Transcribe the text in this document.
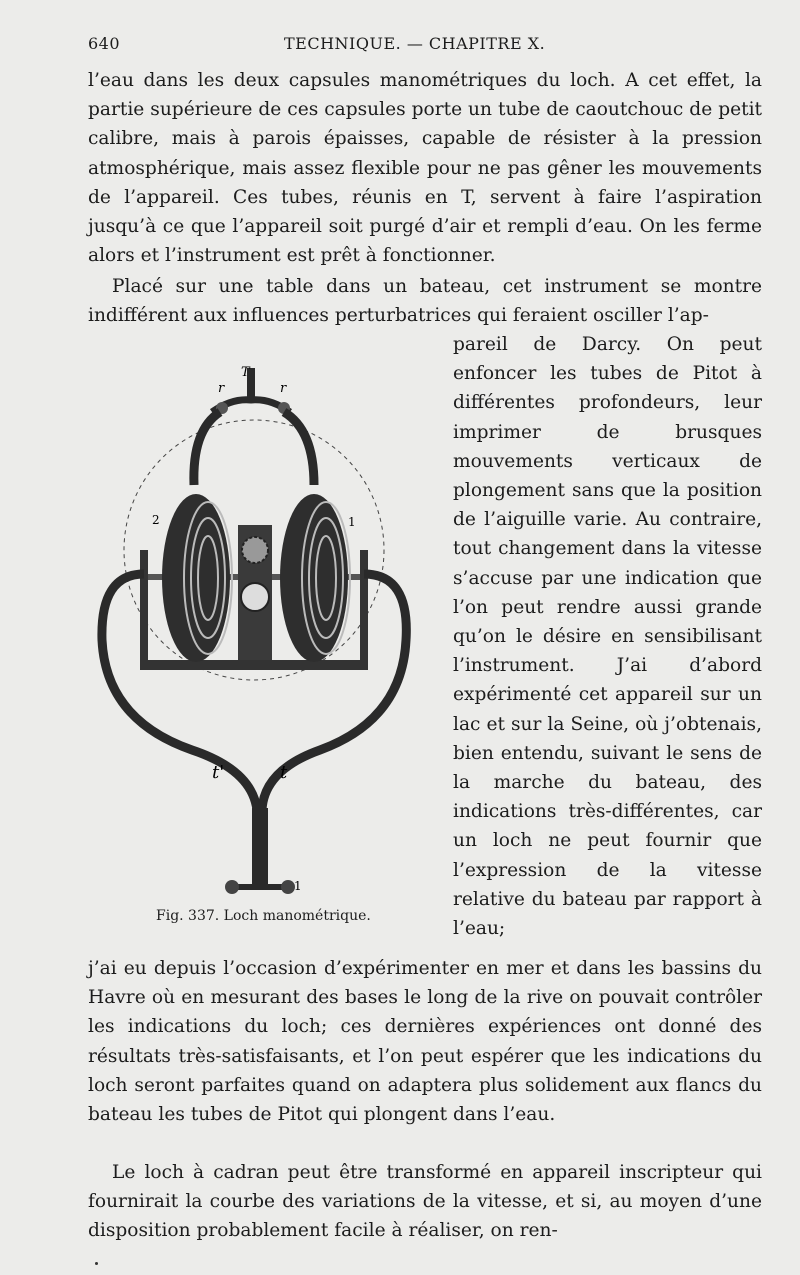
640	TECHNIQUE. — CHAPITRE X.

l’eau dans les deux capsules manométriques du loch. A cet effet, la partie supérieure de ces capsules porte un tube de caoutchouc de petit calibre, mais à parois épaisses, capable de résister à la pression atmosphérique, mais assez flexible pour ne pas gêner les mouvements de l’appareil. Ces tubes, réunis en T, servent à faire l’aspiration jusqu’à ce que l’appareil soit purgé d’air et rempli d’eau. On les ferme alors et l’instrument est prêt à fonctionner.

Placé sur une table dans un bateau, cet instrument se montre indifférent aux influences perturbatrices qui feraient osciller l’ap-

pareil de Darcy. On peut enfoncer les tubes de Pitot à différentes profondeurs, leur imprimer de brusques mouvements verticaux de plongement sans que la position de l’aiguille varie. Au contraire, tout changement dans la vitesse s’accuse par une indication que l’on peut rendre aussi grande qu’on le désire en sensibilisant l’instrument. J’ai d’abord expérimenté cet appareil sur un lac et sur la Seine, où j’obtenais, bien entendu, suivant le sens de la marche du bateau, des indications très-différentes, car un loch ne peut fournir que l’expression de la vitesse relative du bateau par rapport à l’eau;

T
r	r
2	1
t'	t
1
Fig. 337. Loch manométrique.

j’ai eu depuis l’occasion d’expérimenter en mer et dans les bassins du Havre où en mesurant des bases le long de la rive on pouvait contrôler les indications du loch; ces dernières expériences ont donné des résultats très-satisfaisants, et l’on peut espérer que les indications du loch seront parfaites quand on adaptera plus solidement aux flancs du bateau les tubes de Pitot qui plongent dans l’eau.

Le loch à cadran peut être transformé en appareil inscripteur qui fournirait la courbe des variations de la vitesse, et si, au moyen d’une disposition probablement facile à réaliser, on ren-
